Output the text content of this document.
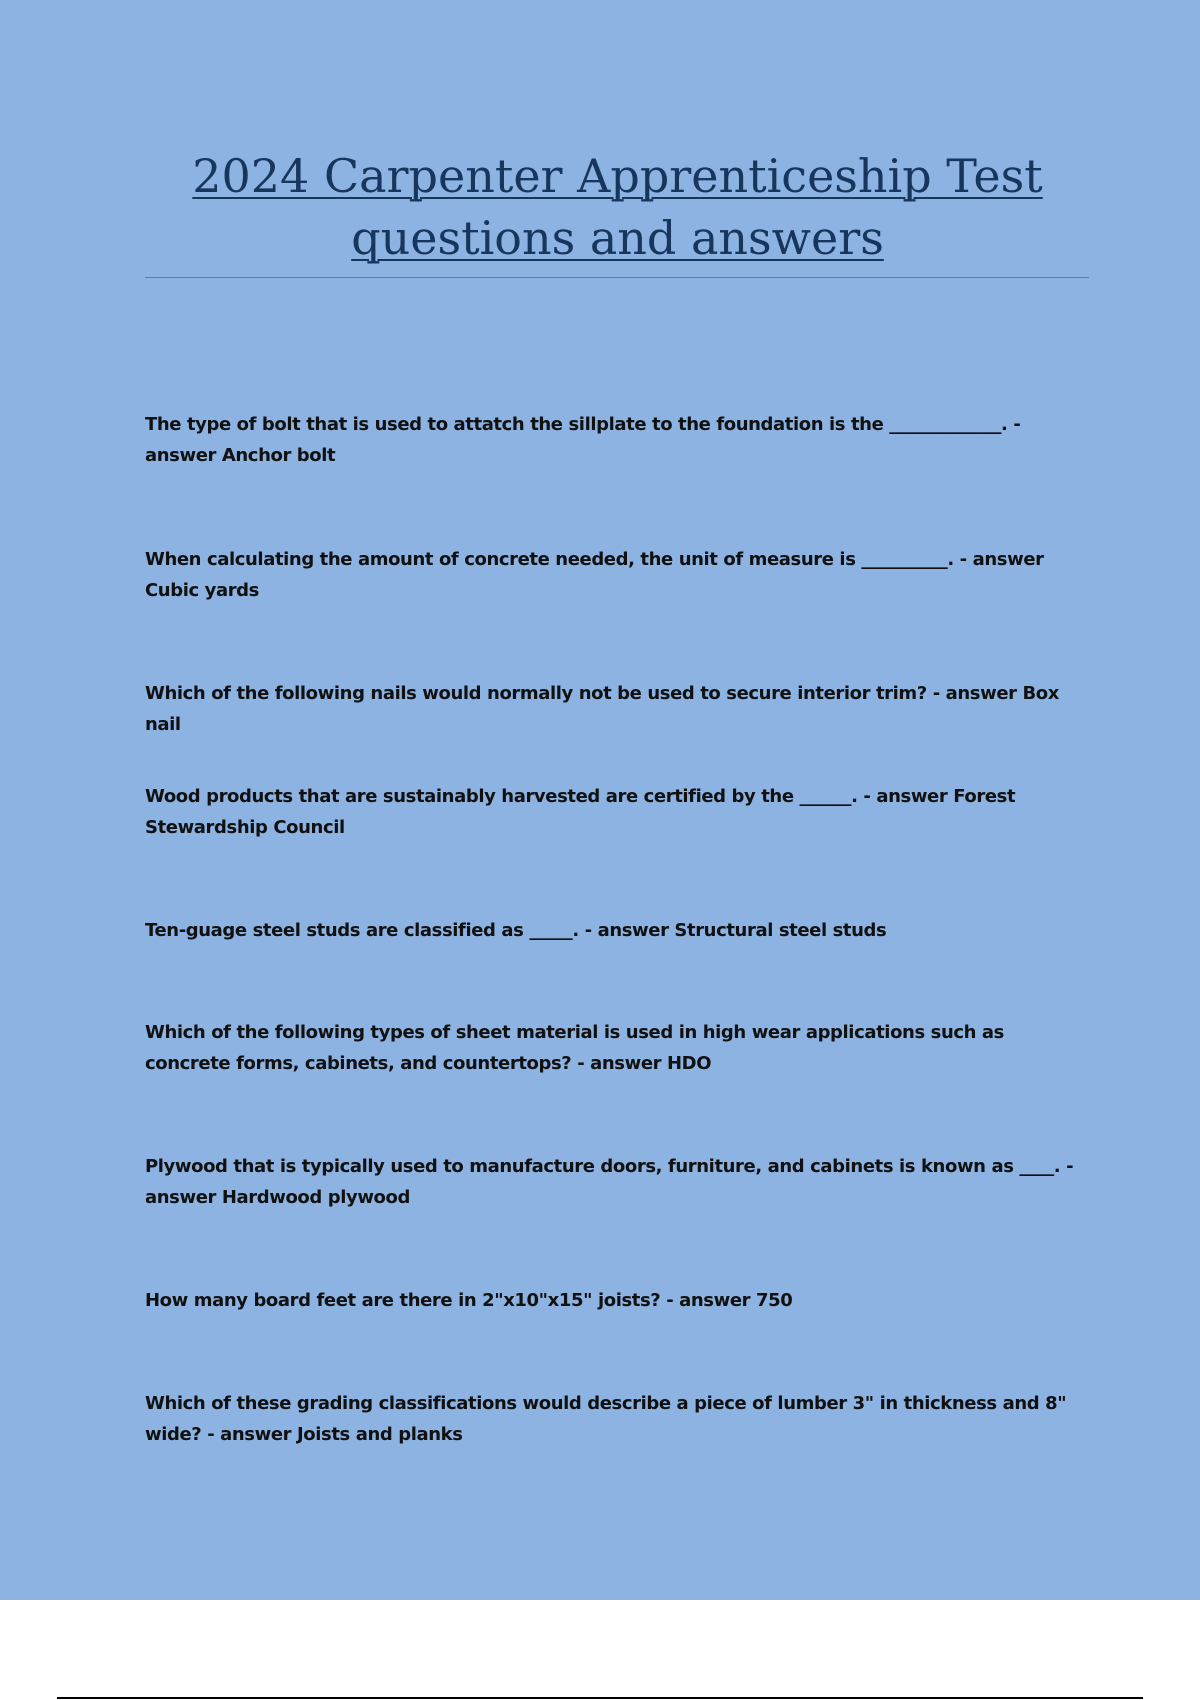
2024 Carpenter Apprenticeship Test questions and answers

The type of bolt that is used to attatch the sillplate to the foundation is the _____________. - answer Anchor bolt

When calculating the amount of concrete needed, the unit of measure is __________. - answer Cubic yards

Which of the following nails would normally not be used to secure interior trim? - answer Box nail

Wood products that are sustainably harvested are certified by the ______. - answer Forest Stewardship Council

Ten-guage steel studs are classified as _____. - answer Structural steel studs

Which of the following types of sheet material is used in high wear applications such as concrete forms, cabinets, and countertops? - answer HDO

Plywood that is typically used to manufacture doors, furniture, and cabinets is known as ____. - answer Hardwood plywood

How many board feet are there in 2"x10"x15" joists? - answer 750

Which of these grading classifications would describe a piece of lumber 3" in thickness and 8" wide? - answer Joists and planks
